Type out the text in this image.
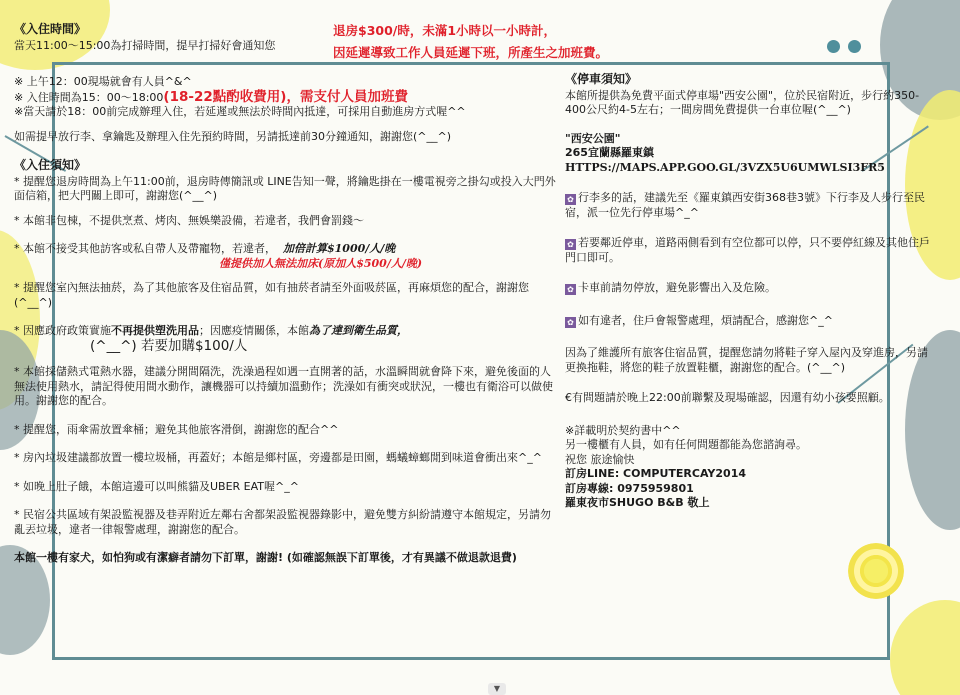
退房$300/時，未滿1小時以一小時計，
因延遲導致工作人員延遲下班，所產生之加班費。
《入住時間》
當天11:00～15:00為打掃時間，提早打掃好會通知您
※ 上午12：00現場就會有人員^&^
※ 入住時間為15：00～18:00(18-22點酌收費用)，需支付人員加班費
※當天請於18：00前完成辦理入住，若延遲或無法於時間內抵達，可採用自動進房方式喔^^
如需提早放行李、拿鑰匙及辦理入住先預約時間，另請抵達前30分鐘通知，謝謝您(^__^)
《入住須知》
* 提醒您退房時間為上午11:00前，退房時傳簡訊或 LINE告知一聲，將鑰匙掛在一樓電視旁之掛勾或投入大門外面信箱，把大門關上即可，謝謝您(^__^)
* 本館非包棟，不提供烹煮、烤肉、無娛樂設備，若違者，我們會罰錢～
* 本館不接受其他訪客或私自帶人及帶寵物，若違者， 加倍計算$1000/人/晚
僅提供加人無法加床(原加人$500/人/晚)
* 提醒您室內無法抽菸，為了其他旅客及住宿品質，如有抽菸者請至外面吸菸區，再麻煩您的配合，謝謝您(^__^)
* 因應政府政策實施不再提供塑洗用品；因應疫情關係，本館為了達到衛生品質，
(^__^) 若要加購$100/人
* 本館採儲熱式電熱水器，建議分開間隔洗，洗澡過程如遇一直開著的話，水溫瞬間就會降下來，避免後面的人無法使用熱水，請記得使用間水動作，讓機器可以持續加溫動作；洗澡如有衝突或狀況，一樓也有衛浴可以做使用。謝謝您的配合。
* 提醒您，雨傘需放置傘桶；避免其他旅客滑倒，謝謝您的配合^^
* 房內垃圾建議都放置一樓垃圾桶，再蓋好；本館是鄉村區，旁邊都是田園，螞蟻蟑螂閒到味道會衝出來^_^
* 如晚上肚子餓，本館這邊可以叫熊貓及UBER EAT喔^_^
* 民宿公共區域有架設監視器及巷弄附近左鄰右舍都架設監視器錄影中，避免雙方糾紛請遵守本館規定，另請勿亂丟垃圾，違者一律報警處理，謝謝您的配合。
本館一樓有家犬，如怕狗或有潔癖者請勿下訂單，謝謝! (如確認無誤下訂單後，才有異議不做退款退費)
《停車須知》
本館所提供為免費平面式停車場"西安公園"，位於民宿附近，步行約350-400公尺約4-5左右；一間房間免費提供一台車位喔(^__^)
"西安公園"
265宜蘭縣羅東鎮
HTTPS://MAPS.APP.GOO.GL/3VZX5U6UMWLSI3FR5
✿ 行李多的話，建議先至《羅東鎮西安街368巷3號》下行李及人步行至民宿，派一位先行停車場^_^
✿ 若要鄰近停車，道路兩側看到有空位都可以停，只不要停紅線及其他住戶門口即可。
✿ 卡車前請勿停放，避免影響出入及危險。
✿ 如有違者，住戶會報警處理，煩請配合，感謝您^_^
因為了維護所有旅客住宿品質，提醒您請勿將鞋子穿入屋內及穿進房，另請更換拖鞋，將您的鞋子放置鞋櫃，謝謝您的配合。(^__^)
€有問題請於晚上22:00前聯繫及現場確認，因還有幼小孩要照顧。
※詳載明於契約書中^^
另一樓櫃有人員，如有任何問題都能為您諮詢尋。
祝您 旅途愉快
訂房LINE: COMPUTERCAY2014
訂房專線: 0975959801
羅東夜市SHUGO B&B 敬上
▼
